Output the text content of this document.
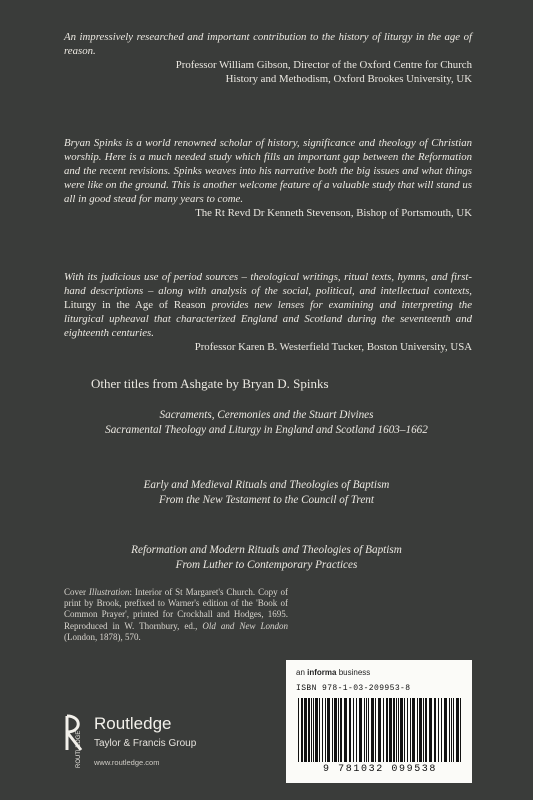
An impressively researched and important contribution to the history of liturgy in the age of reason.

Professor William Gibson, Director of the Oxford Centre for Church

History and Methodism, Oxford Brookes University, UK

Bryan Spinks is a world renowned scholar of history, significance and theology of Christian worship. Here is a much needed study which fills an important gap between the Reformation and the recent revisions. Spinks weaves into his narrative both the big issues and what things were like on the ground. This is another welcome feature of a valuable study that will stand us all in good stead for many years to come.

The Rt Revd Dr Kenneth Stevenson, Bishop of Portsmouth, UK

With its judicious use of period sources – theological writings, ritual texts, hymns, and first-hand descriptions – along with analysis of the social, political, and intellectual contexts, Liturgy in the Age of Reason provides new lenses for examining and interpreting the liturgical upheaval that characterized England and Scotland during the seventeenth and eighteenth centuries.

Professor Karen B. Westerfield Tucker, Boston University, USA

Other titles from Ashgate by Bryan D. Spinks
Sacraments, Ceremonies and the Stuart Divines
Sacramental Theology and Liturgy in England and Scotland 1603–1662
Early and Medieval Rituals and Theologies of Baptism
From the New Testament to the Council of Trent
Reformation and Modern Rituals and Theologies of Baptism
From Luther to Contemporary Practices
Cover Illustration: Interior of St Margaret's Church. Copy of print by Brook, prefixed to Warner's edition of the 'Book of Common Prayer', printed for Crockhall and Hodges, 1695. Reproduced in W. Thornbury, ed., Old and New London (London, 1878), 570.
ROUTLEDGE
Routledge
Taylor & Francis Group
www.routledge.com
an informa business
ISBN 978-1-03-209953-8
9 781032 099538
